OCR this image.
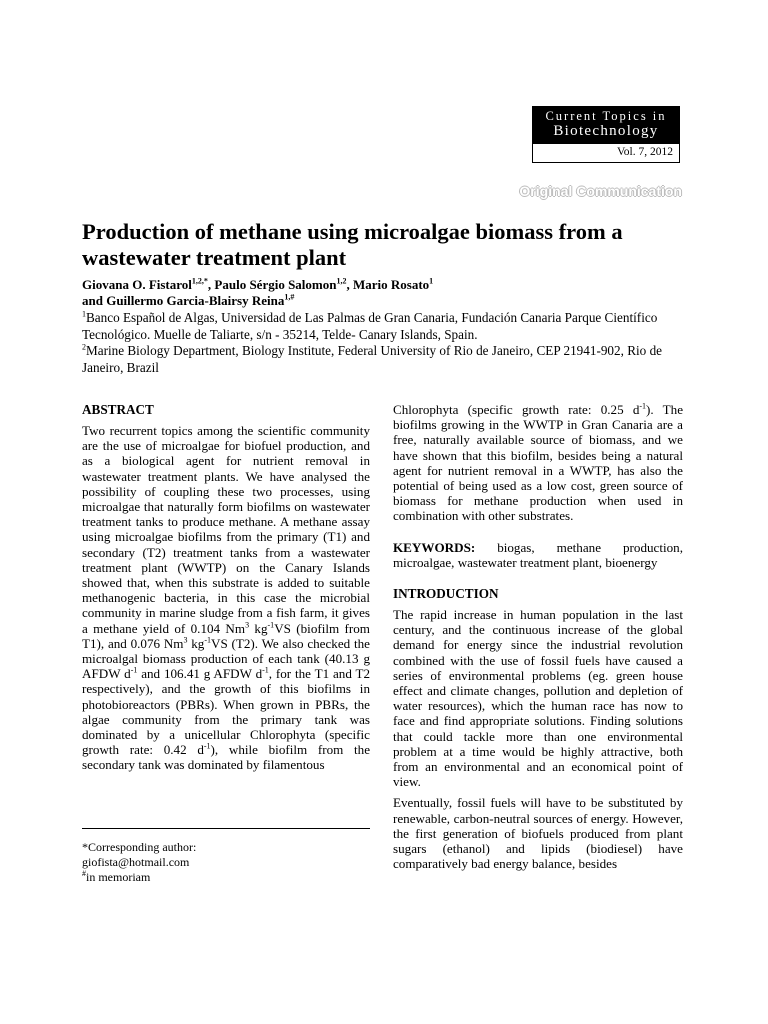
Current Topics in
Biotechnology
Vol. 7, 2012
Original Communication
Production of methane using microalgae biomass from a wastewater treatment plant
Giovana O. Fistarol$^{1,2,*}$, Paulo Sérgio Salomon$^{1,2}$, Mario Rosato$^1$
and Guillermo Garcia-Blairsy Reina$^{1,\#}$
$^1$Banco Español de Algas, Universidad de Las Palmas de Gran Canaria, Fundación Canaria Parque Científico Tecnológico. Muelle de Taliarte, s/n - 35214, Telde- Canary Islands, Spain.
$^2$Marine Biology Department, Biology Institute, Federal University of Rio de Janeiro, CEP 21941-902, Rio de Janeiro, Brazil
ABSTRACT

Two recurrent topics among the scientific community are the use of microalgae for biofuel production, and as a biological agent for nutrient removal in wastewater treatment plants. We have analysed the possibility of coupling these two processes, using microalgae that naturally form biofilms on wastewater treatment tanks to produce methane. A methane assay using microalgae biofilms from the primary (T1) and secondary (T2) treatment tanks from a wastewater treatment plant (WWTP) on the Canary Islands showed that, when this substrate is added to suitable methanogenic bacteria, in this case the microbial community in marine sludge from a fish farm, it gives a methane yield of 0.104 Nm$^3$ $kg^{-1}VS$ (biofilm from T1), and 0.076 Nm$^3$ $kg^{-1}VS$ (T2). We also checked the microalgal biomass production of each tank (40.13 g AFDW $d^{-1}$ and 106.41 g AFDW $d^{-1}$, for the T1 and T2 respectively), and the growth of this biofilms in photobioreactors (PBRs). When grown in PBRs, the algae community from the primary tank was dominated by a unicellular Chlorophyta (specific growth rate: 0.42 $d^{-1}$), while biofilm from the secondary tank was dominated by filamentous

*Corresponding author:
giofista@hotmail.com
#in memoriam

Chlorophyta (specific growth rate: 0.25 $d^{-1}$). The biofilms growing in the WWTP in Gran Canaria are a free, naturally available source of biomass, and we have shown that this biofilm, besides being a natural agent for nutrient removal in a WWTP, has also the potential of being used as a low cost, green source of biomass for methane production when used in combination with other substrates.

KEYWORDS: biogas, methane production, microalgae, wastewater treatment plant, bioenergy

INTRODUCTION

The rapid increase in human population in the last century, and the continuous increase of the global demand for energy since the industrial revolution combined with the use of fossil fuels have caused a series of environmental problems (eg. green house effect and climate changes, pollution and depletion of water resources), which the human race has now to face and find appropriate solutions. Finding solutions that could tackle more than one environmental problem at a time would be highly attractive, both from an environmental and an economical point of view.

Eventually, fossil fuels will have to be substituted by renewable, carbon-neutral sources of energy. However, the first generation of biofuels produced from plant sugars (ethanol) and lipids (biodiesel) have comparatively bad energy balance, besides
